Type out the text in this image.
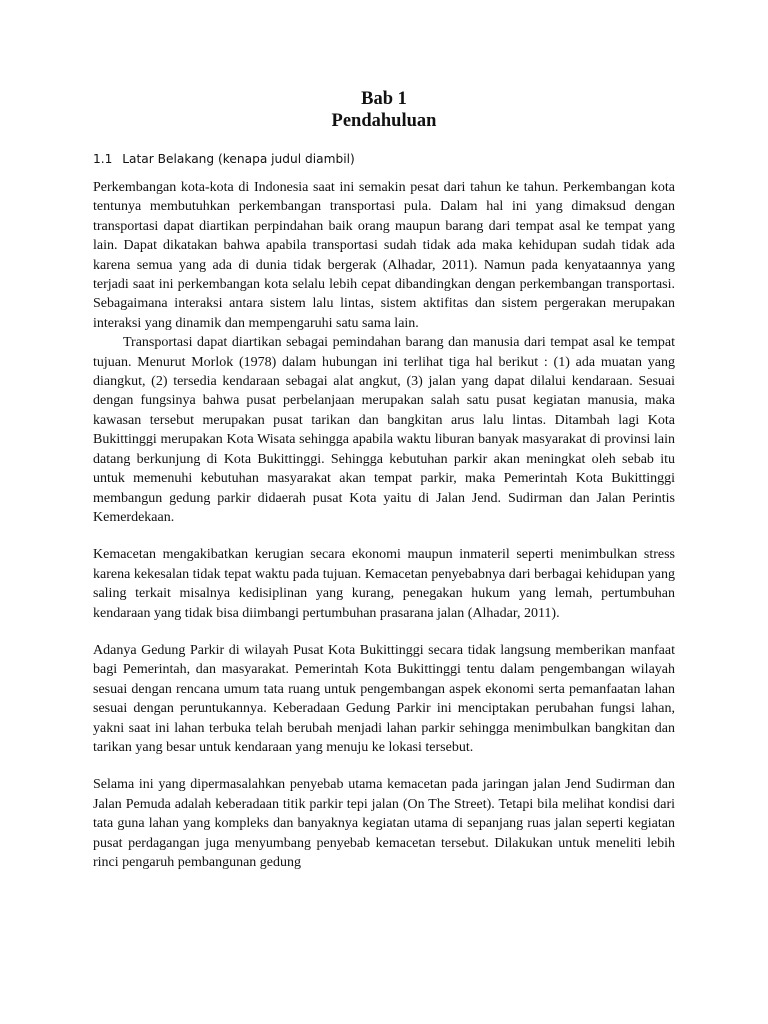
Bab 1
Pendahuluan
1.1 Latar Belakang (kenapa judul diambil)

Perkembangan kota-kota di Indonesia saat ini semakin pesat dari tahun ke tahun. Perkembangan kota tentunya membutuhkan perkembangan transportasi pula. Dalam hal ini yang dimaksud dengan transportasi dapat diartikan perpindahan baik orang maupun barang dari tempat asal ke tempat yang lain. Dapat dikatakan bahwa apabila transportasi sudah tidak ada maka kehidupan sudah tidak ada karena semua yang ada di dunia tidak bergerak (Alhadar, 2011). Namun pada kenyataannya yang terjadi saat ini perkembangan kota selalu lebih cepat dibandingkan dengan perkembangan transportasi. Sebagaimana interaksi antara sistem lalu lintas, sistem aktifitas dan sistem pergerakan merupakan interaksi yang dinamik dan mempengaruhi satu sama lain.

Transportasi dapat diartikan sebagai pemindahan barang dan manusia dari tempat asal ke tempat tujuan. Menurut Morlok (1978) dalam hubungan ini terlihat tiga hal berikut : (1) ada muatan yang diangkut, (2) tersedia kendaraan sebagai alat angkut, (3) jalan yang dapat dilalui kendaraan. Sesuai dengan fungsinya bahwa pusat perbelanjaan merupakan salah satu pusat kegiatan manusia, maka kawasan tersebut merupakan pusat tarikan dan bangkitan arus lalu lintas. Ditambah lagi Kota Bukittinggi merupakan Kota Wisata sehingga apabila waktu liburan banyak masyarakat di provinsi lain datang berkunjung di Kota Bukittinggi. Sehingga kebutuhan parkir akan meningkat oleh sebab itu untuk memenuhi kebutuhan masyarakat akan tempat parkir, maka Pemerintah Kota Bukittinggi membangun gedung parkir didaerah pusat Kota yaitu di Jalan Jend. Sudirman dan Jalan Perintis Kemerdekaan.

Kemacetan mengakibatkan kerugian secara ekonomi maupun inmateril seperti menimbulkan stress karena kekesalan tidak tepat waktu pada tujuan. Kemacetan penyebabnya dari berbagai kehidupan yang saling terkait misalnya kedisiplinan yang kurang, penegakan hukum yang lemah, pertumbuhan kendaraan yang tidak bisa diimbangi pertumbuhan prasarana jalan (Alhadar, 2011).

Adanya Gedung Parkir di wilayah Pusat Kota Bukittinggi secara tidak langsung memberikan manfaat bagi Pemerintah, dan masyarakat. Pemerintah Kota Bukittinggi tentu dalam pengembangan wilayah sesuai dengan rencana umum tata ruang untuk pengembangan aspek ekonomi serta pemanfaatan lahan sesuai dengan peruntukannya. Keberadaan Gedung Parkir ini menciptakan perubahan fungsi lahan, yakni saat ini lahan terbuka telah berubah menjadi lahan parkir sehingga menimbulkan bangkitan dan tarikan yang besar untuk kendaraan yang menuju ke lokasi tersebut.

Selama ini yang dipermasalahkan penyebab utama kemacetan pada jaringan jalan Jend Sudirman dan Jalan Pemuda adalah keberadaan titik parkir tepi jalan (On The Street). Tetapi bila melihat kondisi dari tata guna lahan yang kompleks dan banyaknya kegiatan utama di sepanjang ruas jalan seperti kegiatan pusat perdagangan juga menyumbang penyebab kemacetan tersebut. Dilakukan untuk meneliti lebih rinci pengaruh pembangunan gedung
